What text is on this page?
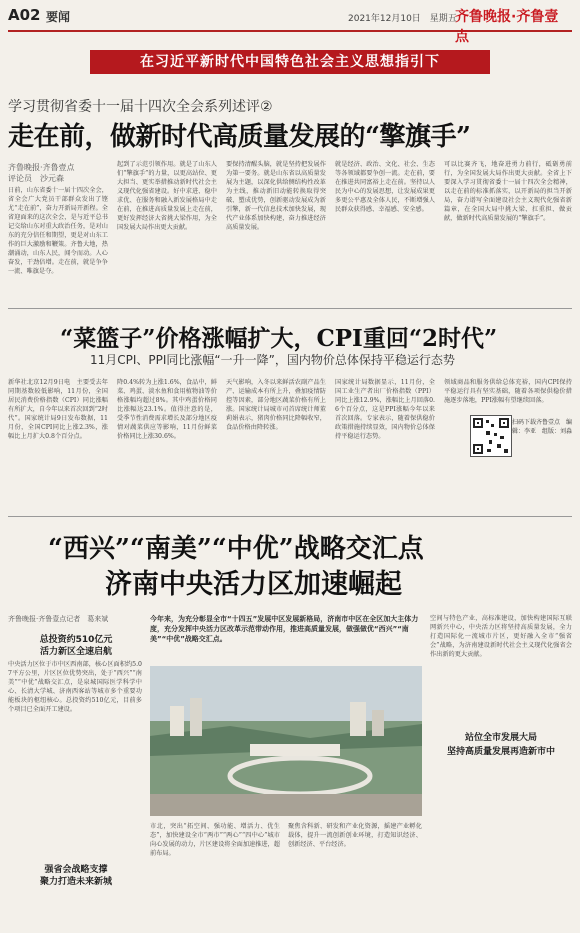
A02 要闻	2021年12月10日　星期五
齐鲁晚报·齐鲁壹点
在习近平新时代中国特色社会主义思想指引下
学习贯彻省委十一届十四次全会系列述评②
走在前，做新时代高质量发展的“擎旗手”
齐鲁晚报·齐鲁壹点
评论员　沙元森
日前，山东省委十一届十四次全会，省全会广大党员干部群众发出了铿尤“走在前”，奋力开新局开新程。全省迎面来的这次全会，是与近平总书记交给山东对重大政治任务，是对山东的充分信任和期望，更是对山东工作的巨大激励和鞭策。齐鲁大地，热潮涌动，山东人民，闻令而动。人心奋发，干劲倍增。走在前，就是争争一流、唯旗是夺。
起到了示范引领作用。就是了山东人们“擎旗手”的力量，以更高站位、更大担当、更实举措推动新时代社会主义现代化强省建设。好中求进、稳中求优、在服务和融入新发展格局中走在前，在推进高质量发展上走在前，更好发挥经济大省挑大梁作用，为全国发展大局作出更大贡献。
要保持清醒头脑，就是坚持把发展作为第一要务。就是山东省以高质量发展为主题，以深化供给侧结构性改革为主线，推动新旧动能转换取得突破、塑成优势，创新驱动发展成为新引擎，新一代信息技术加快发展，现代产业体系加快构建，奋力推进经济高质量发展。
就是经济、政治、文化、社会、生态等各领域都要争创一流。走在前，要在推进共同富裕上走在前。坚持以人民为中心的发展思想，让发展成果更多更公平惠及全体人民，不断增强人民群众获得感、幸福感、安全感。
可以比赛齐飞，地奋进勇力前行，砥砺勇前行，为全国发展大局作出更大贡献。全省上下要深入学习贯彻省委十一届十四次全会精神，以走在前的标准抓落实，以开新局的担当开新局，奋力谱写全面建设社会主义现代化强省新篇章，在全国大局中挑大梁、扛重担、做贡献，做新时代高质量发展的“擎旗手”。
“菜篮子”价格涨幅扩大，CPI重回“2时代”
11月CPI、PPI同比涨幅“一升一降”，国内物价总体保持平稳运行态势
新华社北京12月9日电　主要受去年同期基数较低影响，11月份，全国居民消费价格指数（CPI）同比涨幅有所扩大，自今年以来首次回到“2时代”。国家统计局9日发布数据，11月份，全国CPI同比上涨2.3%，涨幅比上月扩大0.8个百分点。
降0.4%转为上涨1.6%，食品中，鲜菜、鸡蛋、淡水鱼和食用植物油等价格涨幅均超过8%。其中鸡蛋价格同比涨幅达23.1%。值得注意的是，受季节性消费需求增长及部分地区疫情对蔬菜供应等影响，11月份鲜菜价格同比上涨30.6%。
天气影响，入冬以来鲜活农副产品生产、运输成本有所上升，叠加疫情防控等因素，部分地区蔬菜价格有所上涨。国家统计局城市司首席统计师董莉娟表示，猪肉价格同比降幅收窄，食品价格由降转涨。
国家统计局数据显示，11月份，全国工业生产者出厂价格指数（PPI）同比上涨12.9%，涨幅比上月回落0.6个百分点，这是PPI涨幅今年以来首次回落。专家表示，随着保供稳价政策措施持续显效，国内物价总体保持平稳运行态势。
领域商品和服务供给总体充裕，国内CPI保持平稳运行具有坚实基础，随着各项保供稳价措施逐步落地，PPI涨幅有望继续回落。
扫码下载齐鲁壹点　编辑：李亚　组版：刘淼
“西兴”“南美”“中优”战略交汇点
济南中央活力区加速崛起
齐鲁晚报·齐鲁壹点记者　葛来斌	今年来，为充分彰显全市“十四五”发展中区发展新格局，济南市中区在全区加大主体力度，充分发挥中央活力区改革示范带动作用，推进高质量发展，做强做优“西兴”“南美”“中优”战略交汇点。
总投资约510亿元
活力新区全速启航
中央活力区位于市中区西南部，核心区面积约5.07平方公里，片区区位优势突出，处于“西兴”“南美”“中优”战略交汇点，是泉城国际医学科学中心、长清大学城、济南西客站等城市多个重要功能板块的枢纽核心。总投资约510亿元，目前多个项目已全面开工建设。
强省会战略支撑
聚力打造未来新城
市北，突出“拓空间、强功能、增活力、优生态”，加快建设全市“两市”“两心”“四中心”城市向心发展的动力，片区建设将全面加速推进，超前布局。
聚焦含科新、研发和产业化资源，摇建产业孵化载体，提升一流创新创业环境，打造知识经济、创新经济、平台经济。
空间与特色产业，高标准建设，加快构建国际互联网新兴中心，中央活力区将坚持高质量发展，全力打造国际化一流城市片区，更好融入全市“强省会”战略，为济南建设新时代社会主义现代化强省会作出新的更大贡献。
站位全市发展大局
坚持高质量发展再造新市中
